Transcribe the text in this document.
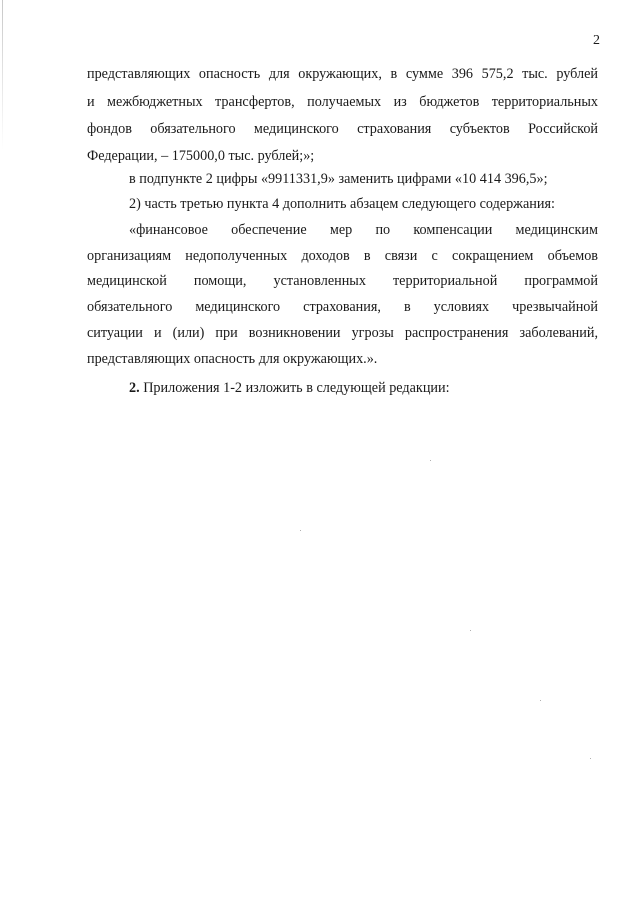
2
представляющих опасность для окружающих, в сумме 396 575,2 тыс. рублей
и межбюджетных трансфертов, получаемых из бюджетов территориальных
фондов обязательного медицинского страхования субъектов Российской
Федерации, – 175000,0 тыс. рублей;»;
в подпункте 2 цифры «9911331,9» заменить цифрами «10 414 396,5»;
2) часть третью пункта 4 дополнить абзацем следующего содержания:
«финансовое обеспечение мер по компенсации медицинским
организациям недополученных доходов в связи с сокращением объемов
медицинской помощи, установленных территориальной программой
обязательного медицинского страхования, в условиях чрезвычайной
ситуации и (или) при возникновении угрозы распространения заболеваний,
представляющих опасность для окружающих.».
2. Приложения 1-2 изложить в следующей редакции:
